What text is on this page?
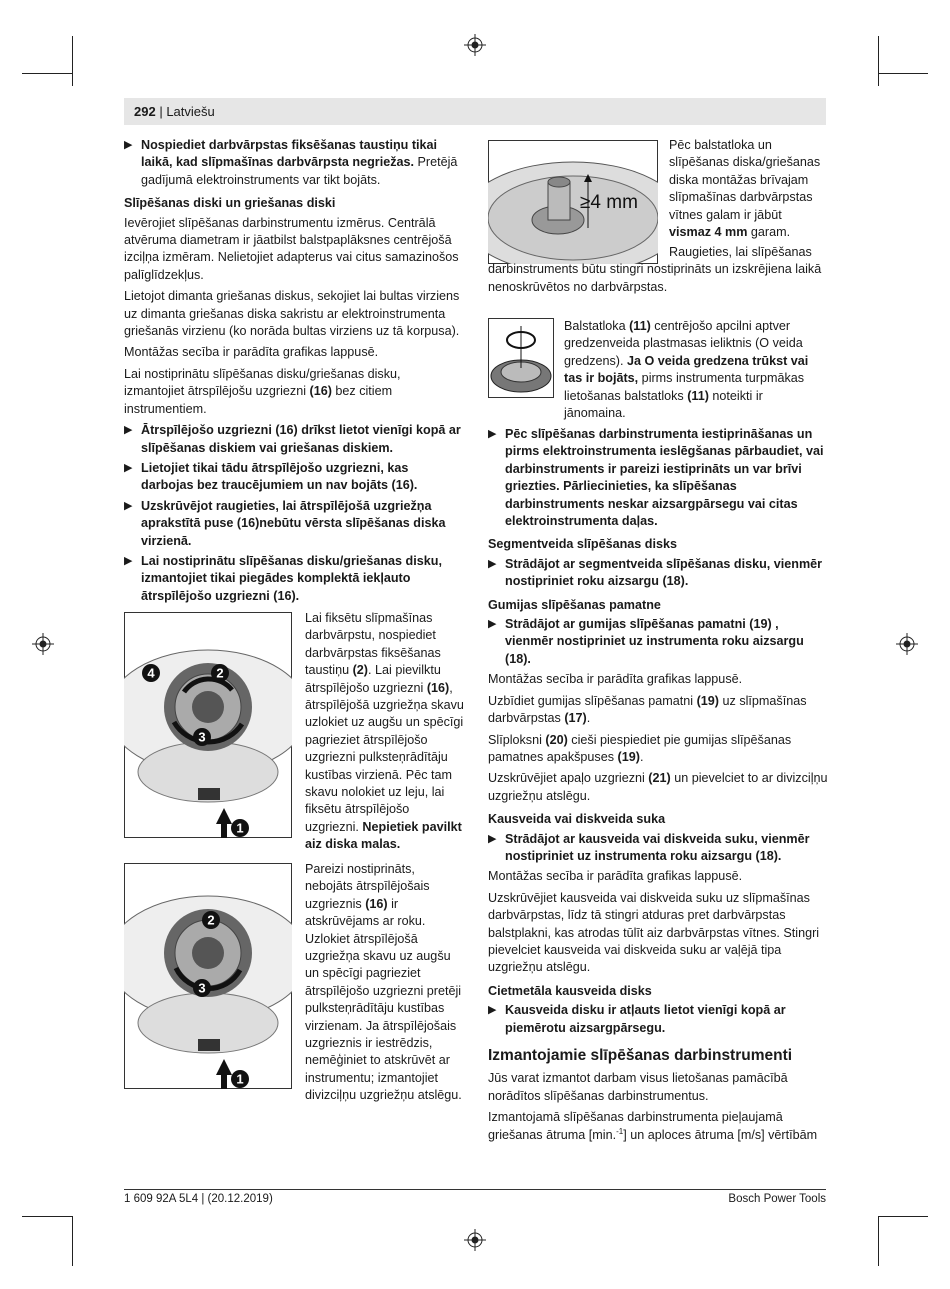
292 | Latviešu
▶ Nospiediet darbvārpstas fiksēšanas taustiņu tikai laikā, kad slīpmašīnas darbvārpsta negriežas. Pretējā gadījumā elektroinstruments var tikt bojāts.

Slīpēšanas diski un griešanas diski

Ievērojiet slīpēšanas darbinstrumentu izmērus. Centrālā atvēruma diametram ir jāatbilst balstpaplāksnes centrējošā izciļņa izmēram. Nelietojiet adapterus vai citus samazinošos palīglīdzekļus.

Lietojot dimanta griešanas diskus, sekojiet lai bultas virziens uz dimanta griešanas diska sakristu ar elektroinstrumenta griešanās virzienu (ko norāda bultas virziens uz tā korpusa).

Montāžas secība ir parādīta grafikas lappusē.

Lai nostiprinātu slīpēšanas disku/griešanas disku, izmantojiet ātrspīlējošu uzgriezni (16) bez citiem instrumentiem.

▶ Ātrspīlējošo uzgriezni (16) drīkst lietot vienīgi kopā ar slīpēšanas diskiem vai griešanas diskiem.
▶ Lietojiet tikai tādu ātrspīlējošo uzgriezni, kas darbojas bez traucējumiem un nav bojāts (16).
▶ Uzskrūvējot raugieties, lai ātrspīlējošā uzgriežņa aprakstītā puse (16)nebūtu vērsta slīpēšanas diska virzienā.
▶ Lai nostiprinātu slīpēšanas disku/griešanas disku, izmantojiet tikai piegādes komplektā iekļauto ātrspīlējošo uzgriezni (16).
4	2
3
1

Lai fiksētu slīpmašīnas darbvārpstu, nospiediet darbvārpstas fiksēšanas taustiņu (2). Lai pievilktu ātrspīlējošo uzgriezni (16), ātrspīlējošā uzgriežņa skavu uzlokiet uz augšu un spēcīgi pagrieziet ātrspīlējošo uzgriezni pulksteņrādītāju kustības virzienā. Pēc tam skavu nolokiet uz leju, lai fiksētu ātrspīlējošo uzgriezni. Nepietiek pavilkt aiz diska malas.

2
3
1

Pareizi nostiprināts, nebojāts ātrspīlējošais uzgrieznis (16) ir atskrūvējams ar roku. Uzlokiet ātrspīlējošā uzgriežņa skavu uz augšu un spēcīgi pagrieziet ātrspīlējošo uzgriezni pretēji pulksteņrādītāju kustības virzienam. Ja ātrspīlējošais uzgrieznis ir iestrēdzis, nemēģiniet to atskrūvēt ar instrumentu; izmantojiet divizciļņu uzgriežņu atslēgu.

≥4 mm

Pēc balstatloka un slīpēšanas diska/griešanas diska montāžas brīvajam slīpmašīnas darbvārpstas vītnes galam ir jābūt vismaz 4 mm garam.

Raugieties, lai slīpēšanas darbinstruments būtu stingri nostiprināts un izskrējiena laikā nenoskrūvētos no darbvārpstas.

Balstatloka (11) centrējošo apcilni aptver gredzenveida plastmasas ieliktnis (O veida gredzens). Ja O veida gredzena trūkst vai tas ir bojāts, pirms instrumenta turpmākas lietošanas balstatloks (11) noteikti ir jānomaina.

▶ Pēc slīpēšanas darbinstrumenta iestiprināšanas un pirms elektroinstrumenta ieslēgšanas pārbaudiet, vai darbinstruments ir pareizi iestiprināts un var brīvi griezties. Pārliecinieties, ka slīpēšanas darbinstruments neskar aizsargpārsegu vai citas elektroinstrumenta daļas.

Segmentveida slīpēšanas disks

▶ Strādājot ar segmentveida slīpēšanas disku, vienmēr nostipriniet roku aizsargu (18).

Gumijas slīpēšanas pamatne

▶ Strādājot ar gumijas slīpēšanas pamatni (19) , vienmēr nostipriniet uz instrumenta roku aizsargu (18).

Montāžas secība ir parādīta grafikas lappusē.

Uzbīdiet gumijas slīpēšanas pamatni (19) uz slīpmašīnas darbvārpstas (17).

Slīploksni (20) cieši piespiediet pie gumijas slīpēšanas pamatnes apakšpuses (19).

Uzskrūvējiet apaļo uzgriezni (21) un pievelciet to ar divizciļņu uzgriežņu atslēgu.

Kausveida vai diskveida suka

▶ Strādājot ar kausveida vai diskveida suku, vienmēr nostipriniet uz instrumenta roku aizsargu (18).

Montāžas secība ir parādīta grafikas lappusē.

Uzskrūvējiet kausveida vai diskveida suku uz slīpmašīnas darbvārpstas, līdz tā stingri atduras pret darbvārpstas balstplakni, kas atrodas tūlīt aiz darbvārpstas vītnes. Stingri pievelciet kausveida vai diskveida suku ar vaļējā tipa uzgriežņu atslēgu.

Cietmetāla kausveida disks

▶ Kausveida disku ir atļauts lietot vienīgi kopā ar piemērotu aizsargpārsegu.

Izmantojamie slīpēšanas darbinstrumenti

Jūs varat izmantot darbam visus lietošanas pamācībā norādītos slīpēšanas darbinstrumentus.

Izmantojamā slīpēšanas darbinstrumenta pieļaujamā griešanas ātruma [min.$^{-1}$] un aploces ātruma [m/s] vērtībām

1 609 92A 5L4 | (20.12.2019)	Bosch Power Tools
